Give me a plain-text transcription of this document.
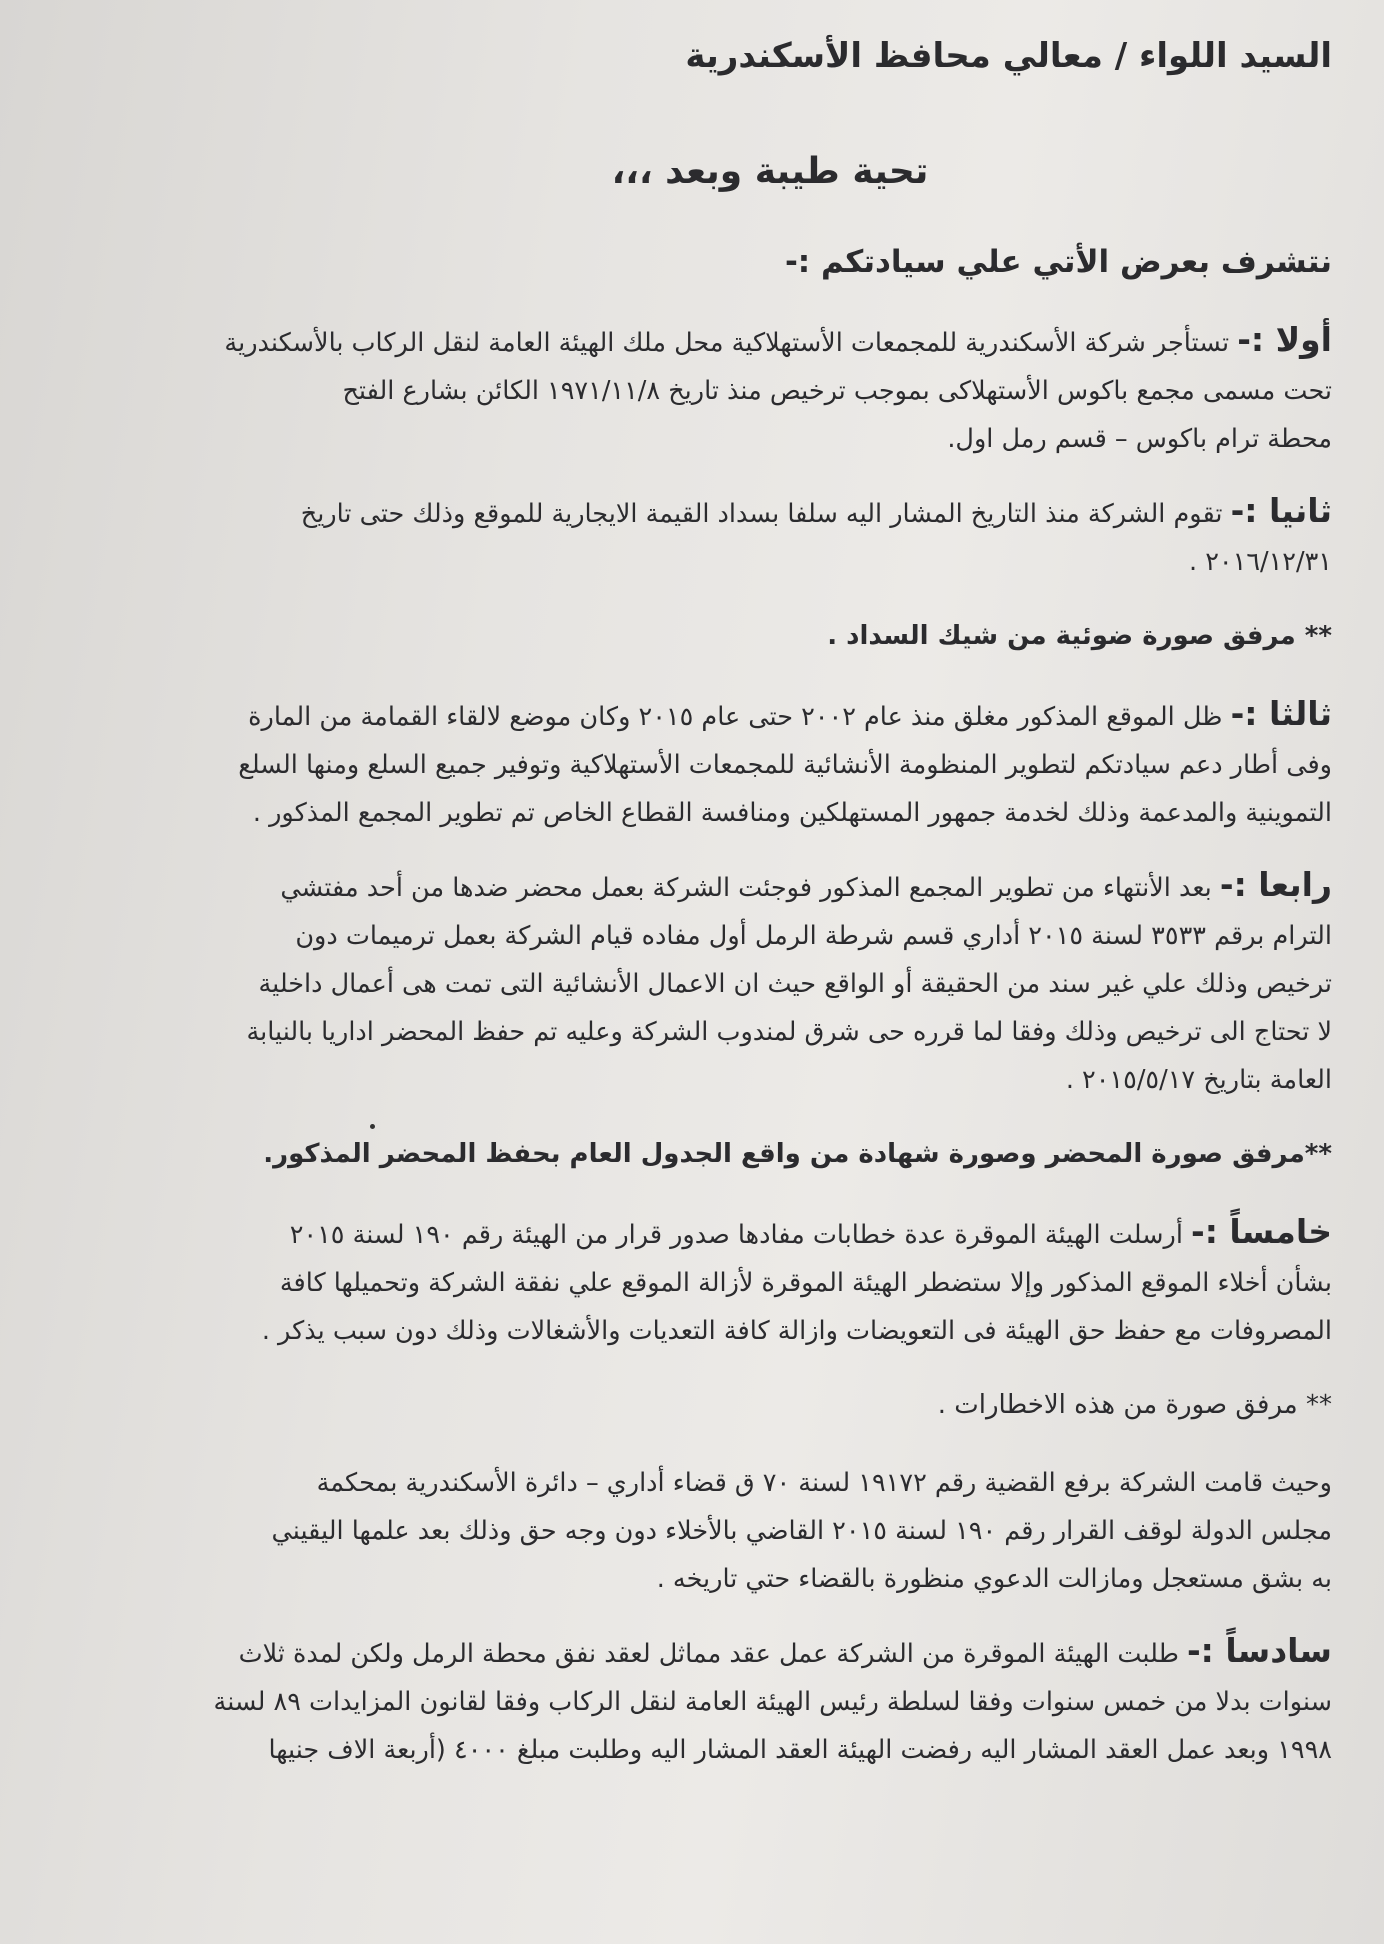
السيد اللواء / معالي محافظ الأسكندرية

تحية طيبة وبعد ،،،

نتشرف بعرض الأتي علي سيادتكم :-

أولا :- تستأجر شركة الأسكندرية للمجمعات الأستهلاكية محل ملك الهيئة العامة لنقل الركاب بالأسكندرية

تحت مسمى مجمع باكوس الأستهلاكى بموجب ترخيص منذ تاريخ ١٩٧١/١١/٨ الكائن بشارع الفتح

محطة ترام باكوس – قسم رمل اول.

ثانيا :- تقوم الشركة منذ التاريخ المشار اليه سلفا بسداد القيمة الايجارية للموقع وذلك حتى تاريخ

٢٠١٦/١٢/٣١ .

** مرفق صورة ضوئية من شيك السداد .

ثالثا :- ظل الموقع المذكور مغلق منذ عام ٢٠٠٢ حتى عام ٢٠١٥ وكان موضع لالقاء القمامة من المارة

وفى أطار دعم سيادتكم لتطوير المنظومة الأنشائية للمجمعات الأستهلاكية وتوفير جميع السلع ومنها السلع

التموينية والمدعمة وذلك لخدمة جمهور المستهلكين ومنافسة القطاع الخاص تم تطوير المجمع المذكور .

رابعا :- بعد الأنتهاء من تطوير المجمع المذكور فوجئت الشركة بعمل محضر ضدها من أحد مفتشي

الترام برقم ٣٥٣٣ لسنة ٢٠١٥ أداري قسم شرطة الرمل أول مفاده قيام الشركة بعمل ترميمات دون

ترخيص وذلك علي غير سند من الحقيقة أو الواقع حيث ان الاعمال الأنشائية التى تمت هى أعمال داخلية

لا تحتاج الى ترخيص وذلك وفقا لما قرره حى شرق لمندوب الشركة وعليه تم حفظ المحضر اداريا بالنيابة

العامة بتاريخ ٢٠١٥/٥/١٧ .

**مرفق صورة المحضر وصورة شهادة من واقع الجدول العام بحفظ المحضر المذكور.

خامساً :- أرسلت الهيئة الموقرة عدة خطابات مفادها صدور قرار من الهيئة رقم ١٩٠ لسنة ٢٠١٥

بشأن أخلاء الموقع المذكور وإلا ستضطر الهيئة الموقرة لأزالة الموقع علي نفقة الشركة وتحميلها كافة

المصروفات مع حفظ حق الهيئة فى التعويضات وازالة كافة التعديات والأشغالات وذلك دون سبب يذكر .

** مرفق صورة من هذه الاخطارات .

وحيث قامت الشركة برفع القضية رقم ١٩١٧٢ لسنة ٧٠ ق قضاء أداري – دائرة الأسكندرية بمحكمة

مجلس الدولة لوقف القرار رقم ١٩٠ لسنة ٢٠١٥ القاضي بالأخلاء دون وجه حق وذلك بعد علمها اليقيني

به بشق مستعجل ومازالت الدعوي منظورة بالقضاء حتي تاريخه .

سادساً :- طلبت الهيئة الموقرة من الشركة عمل عقد مماثل لعقد نفق محطة الرمل ولكن لمدة ثلاث

سنوات بدلا من خمس سنوات وفقا لسلطة رئيس الهيئة العامة لنقل الركاب وفقا لقانون المزايدات ٨٩ لسنة

١٩٩٨ وبعد عمل العقد المشار اليه رفضت الهيئة العقد المشار اليه وطلبت مبلغ ٤٠٠٠ (أربعة الاف جنيها
